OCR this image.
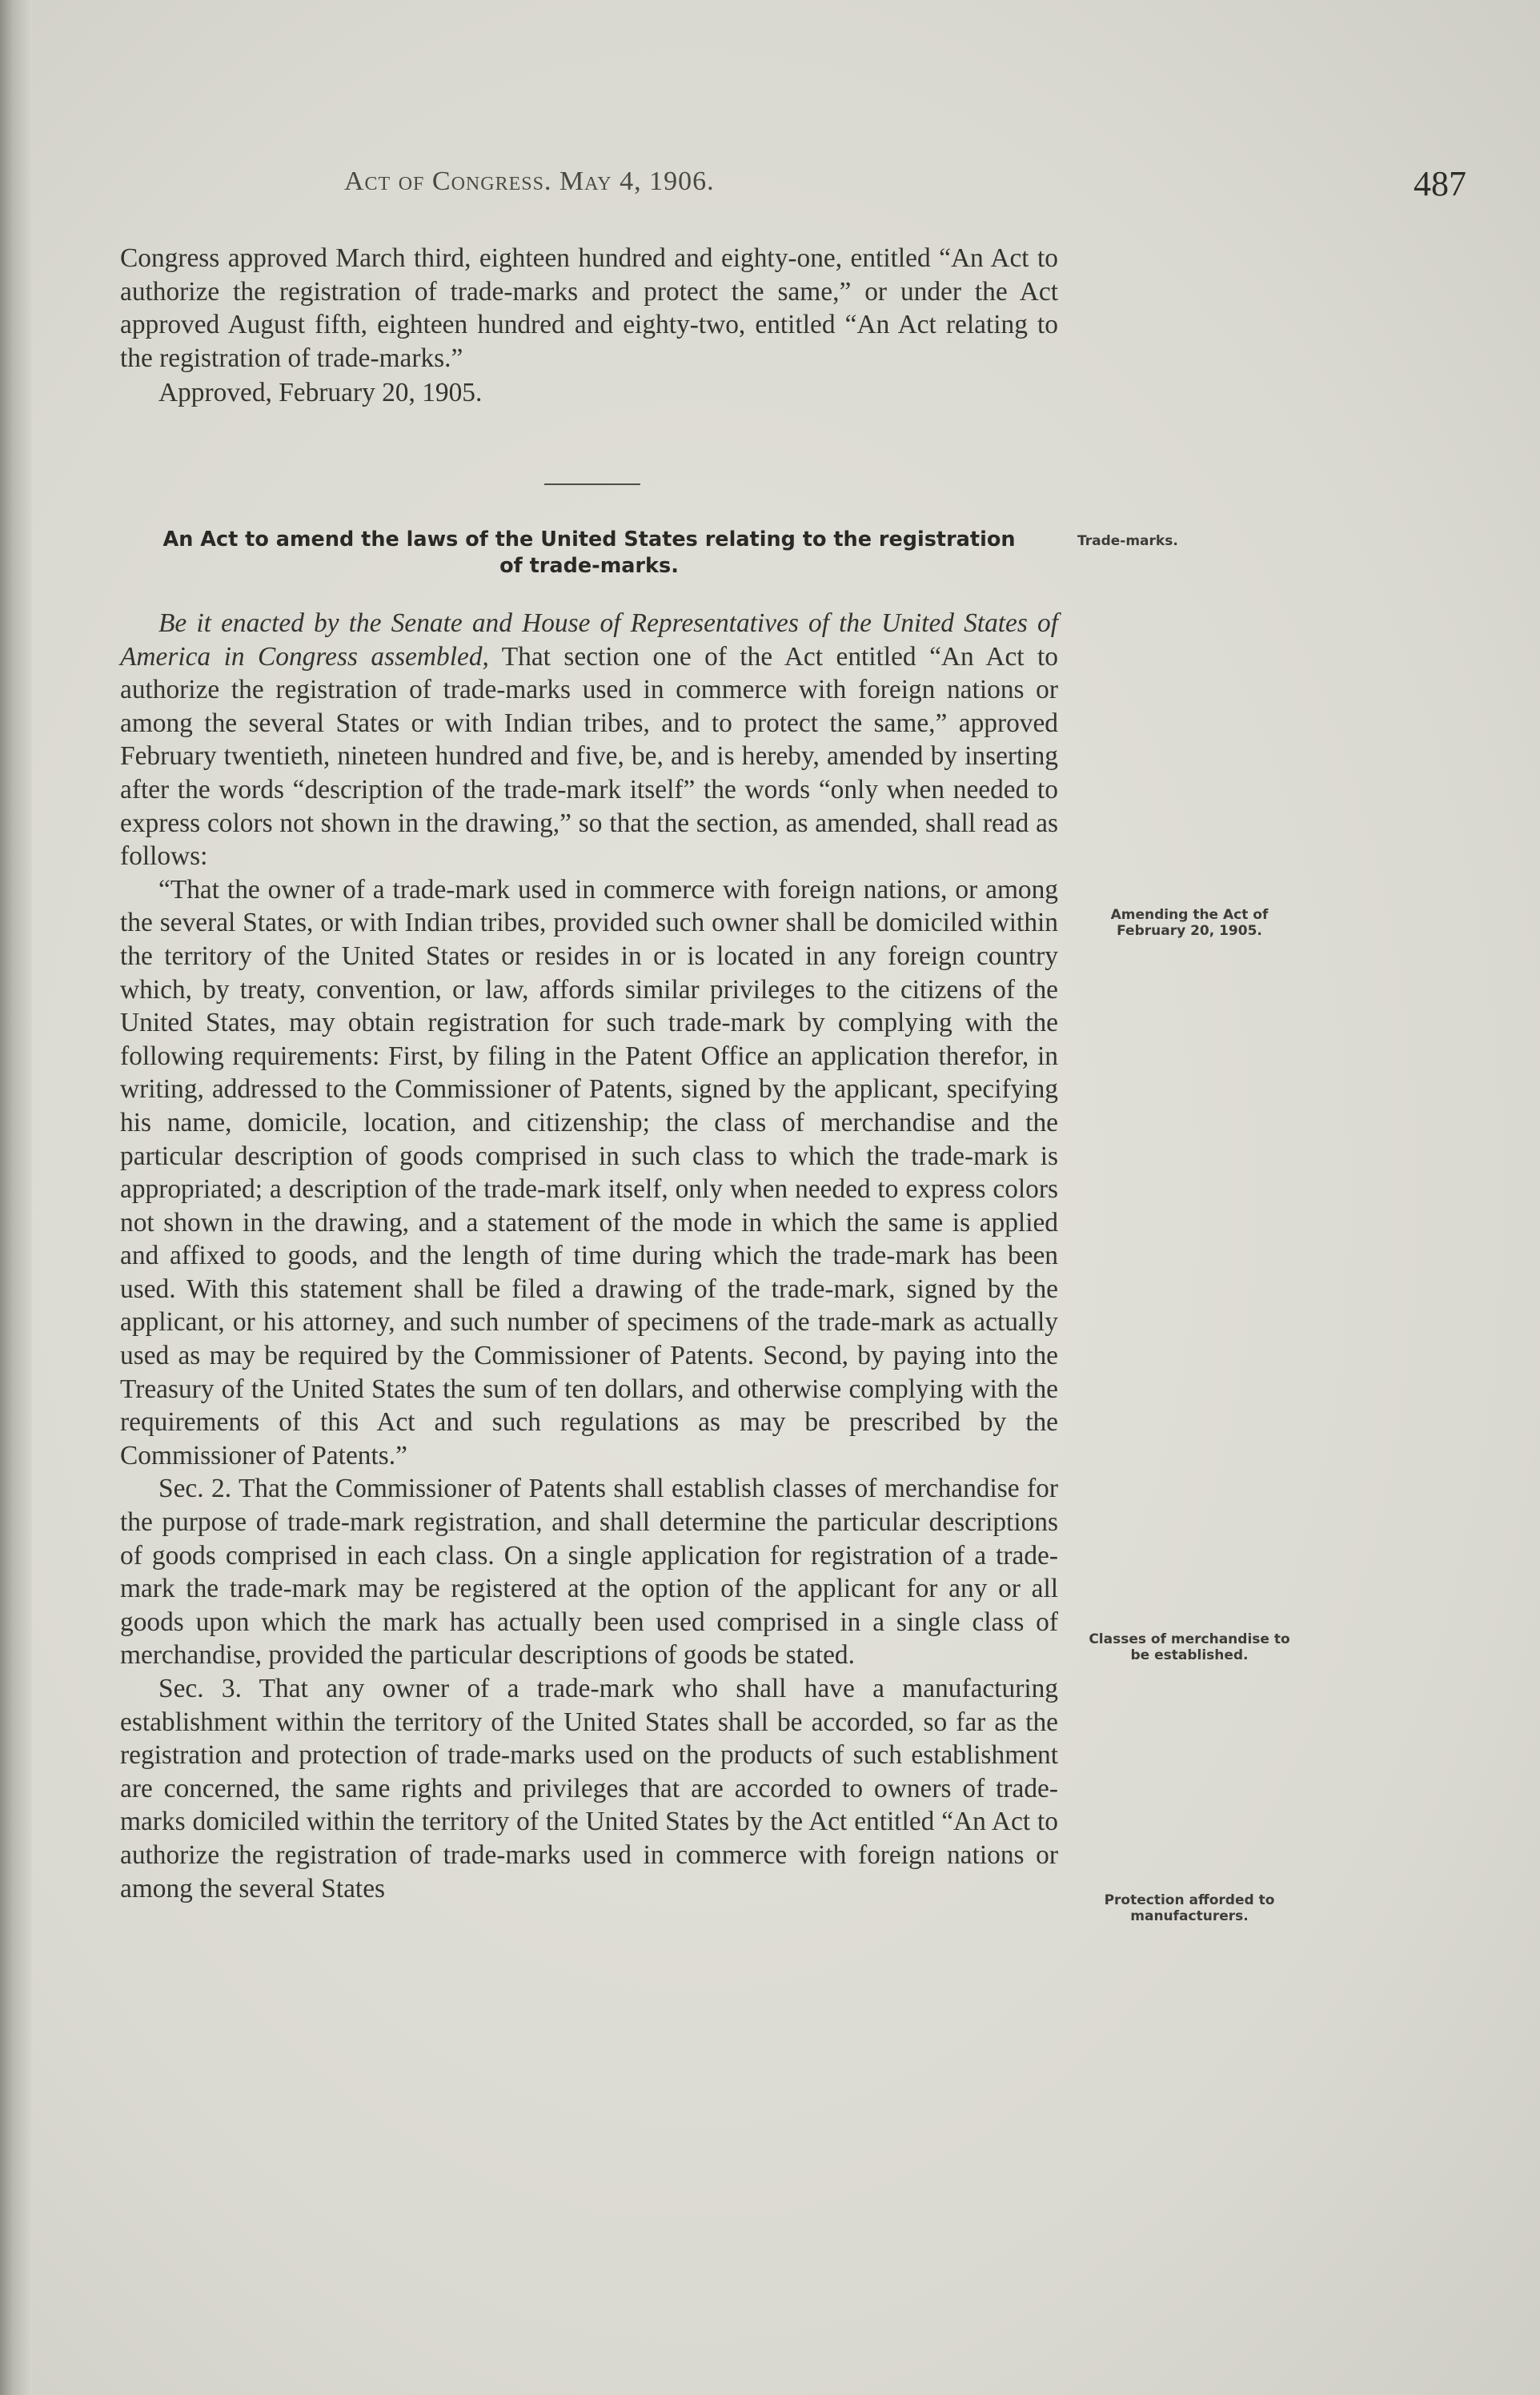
Act of Congress. May 4, 1906.	487

Congress approved March third, eighteen hundred and eighty-one, entitled “An Act to authorize the registration of trade-marks and protect the same,” or under the Act approved August fifth, eighteen hundred and eighty-two, entitled “An Act relating to the registration of trade-marks.”

Approved, February 20, 1905.

An Act to amend the laws of the United States relating to the registration
of trade-marks.

Be it enacted by the Senate and House of Representatives of the United States of America in Congress assembled, That section one of the Act entitled “An Act to authorize the registration of trade-marks used in commerce with foreign nations or among the several States or with Indian tribes, and to protect the same,” approved February twentieth, nineteen hundred and five, be, and is hereby, amended by inserting after the words “description of the trade-mark itself” the words “only when needed to express colors not shown in the drawing,” so that the section, as amended, shall read as follows:

“That the owner of a trade-mark used in commerce with foreign nations, or among the several States, or with Indian tribes, provided such owner shall be domiciled within the territory of the United States or resides in or is located in any foreign country which, by treaty, convention, or law, affords similar privileges to the citizens of the United States, may obtain registration for such trade-mark by complying with the following requirements: First, by filing in the Patent Office an application therefor, in writing, addressed to the Commissioner of Patents, signed by the applicant, specifying his name, domicile, location, and citizenship; the class of merchandise and the particular description of goods comprised in such class to which the trade-mark is appropriated; a description of the trade-mark itself, only when needed to express colors not shown in the drawing, and a statement of the mode in which the same is applied and affixed to goods, and the length of time during which the trade-mark has been used. With this statement shall be filed a drawing of the trade-mark, signed by the applicant, or his attorney, and such number of specimens of the trade-mark as actually used as may be required by the Commissioner of Patents. Second, by paying into the Treasury of the United States the sum of ten dollars, and otherwise complying with the requirements of this Act and such regulations as may be prescribed by the Commissioner of Patents.”

Sec. 2. That the Commissioner of Patents shall establish classes of merchandise for the purpose of trade-mark registration, and shall determine the particular descriptions of goods comprised in each class. On a single application for registration of a trade-mark the trade-mark may be registered at the option of the applicant for any or all goods upon which the mark has actually been used comprised in a single class of merchandise, provided the particular descriptions of goods be stated.

Sec. 3. That any owner of a trade-mark who shall have a manufacturing establishment within the territory of the United States shall be accorded, so far as the registration and protection of trade-marks used on the products of such establishment are concerned, the same rights and privileges that are accorded to owners of trade-marks domiciled within the territory of the United States by the Act entitled “An Act to authorize the registration of trade-marks used in commerce with foreign nations or among the several States

Trade-marks.
Amending the Act of February 20, 1905.
Classes of merchandise to be established.
Protection afforded to manufacturers.
